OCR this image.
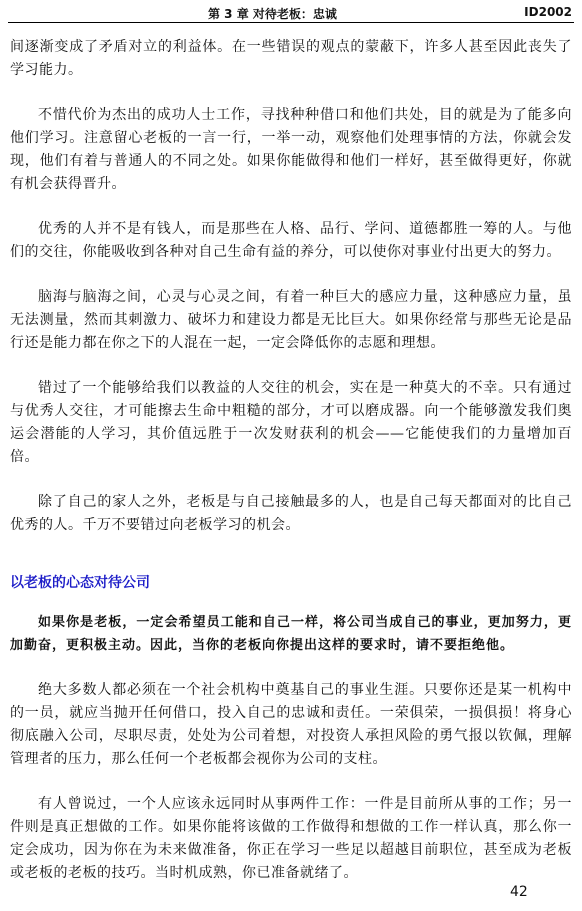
第 3 章 对待老板：忠诚	ID2002

间逐渐变成了矛盾对立的利益体。在一些错误的观点的蒙蔽下，许多人甚至因此丧失了学习能力。

不惜代价为杰出的成功人士工作，寻找种种借口和他们共处，目的就是为了能多向他们学习。注意留心老板的一言一行，一举一动，观察他们处理事情的方法，你就会发现，他们有着与普通人的不同之处。如果你能做得和他们一样好，甚至做得更好，你就有机会获得晋升。

优秀的人并不是有钱人，而是那些在人格、品行、学问、道德都胜一筹的人。与他们的交往，你能吸收到各种对自己生命有益的养分，可以使你对事业付出更大的努力。

脑海与脑海之间，心灵与心灵之间，有着一种巨大的感应力量，这种感应力量，虽无法测量，然而其刺激力、破坏力和建设力都是无比巨大。如果你经常与那些无论是品行还是能力都在你之下的人混在一起，一定会降低你的志愿和理想。

错过了一个能够给我们以教益的人交往的机会，实在是一种莫大的不幸。只有通过与优秀人交往，才可能擦去生命中粗糙的部分，才可以磨成器。向一个能够激发我们奥运会潜能的人学习，其价值远胜于一次发财获利的机会——它能使我们的力量增加百倍。

除了自己的家人之外，老板是与自己接触最多的人，也是自己每天都面对的比自己优秀的人。千万不要错过向老板学习的机会。

以老板的心态对待公司

如果你是老板，一定会希望员工能和自己一样，将公司当成自己的事业，更加努力，更加勤奋，更积极主动。因此，当你的老板向你提出这样的要求时，请不要拒绝他。

绝大多数人都必须在一个社会机构中奠基自己的事业生涯。只要你还是某一机构中的一员，就应当抛开任何借口，投入自己的忠诚和责任。一荣俱荣，一损俱损！将身心彻底融入公司，尽职尽责，处处为公司着想，对投资人承担风险的勇气报以钦佩，理解管理者的压力，那么任何一个老板都会视你为公司的支柱。

有人曾说过，一个人应该永远同时从事两件工作：一件是目前所从事的工作；另一件则是真正想做的工作。如果你能将该做的工作做得和想做的工作一样认真，那么你一定会成功，因为你在为未来做准备，你正在学习一些足以超越目前职位，甚至成为老板或老板的老板的技巧。当时机成熟，你已准备就绪了。

42
